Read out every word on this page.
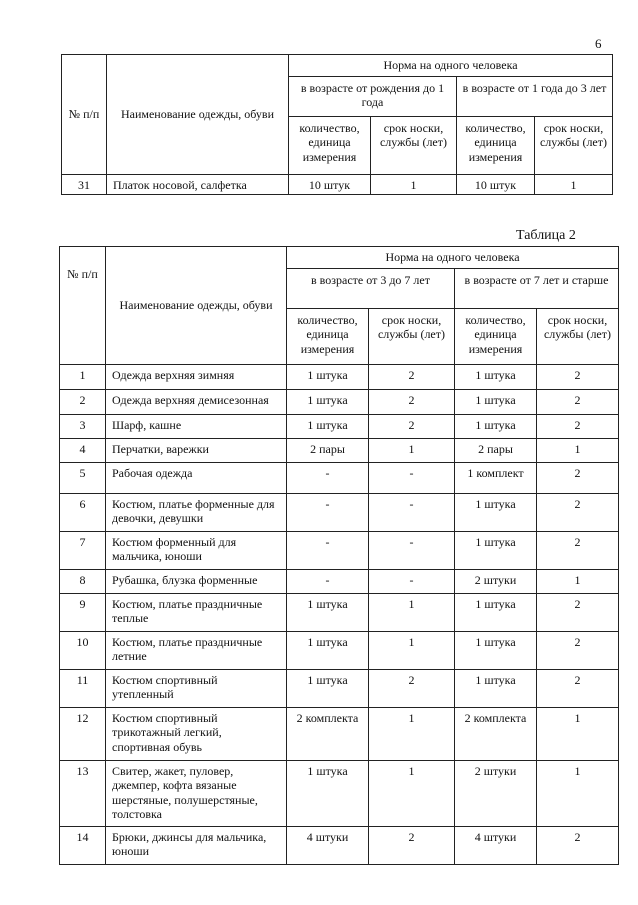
6
№ п/п	Наименование одежды, обуви	Норма на одного человека			
		в возрасте от рождения до 1 года		в возрасте от 1 года до 3 лет	
		количество, единица измерения	срок носки, службы (лет)	количество, единица измерения	срок носки, службы (лет)
31	Платок носовой, салфетка	10 штук	1	10 штук	1
Таблица 2
№ п/п	Наименование одежды, обуви	Норма на одного человека			
		в возрасте от 3 до 7 лет		в возрасте от 7 лет и старше	
		количество, единица измерения	срок носки, службы (лет)	количество, единица измерения	срок носки, службы (лет)
1	Одежда верхняя зимняя	1 штука	2	1 штука	2
2	Одежда верхняя демисезонная	1 штука	2	1 штука	2
3	Шарф, кашне	1 штука	2	1 штука	2
4	Перчатки, варежки	2 пары	1	2 пары	1
5	Рабочая одежда	-	-	1 комплект	2
6	Костюм, платье форменные для девочки, девушки	-	-	1 штука	2
7	Костюм форменный для мальчика, юноши	-	-	1 штука	2
8	Рубашка, блузка форменные	-	-	2 штуки	1
9	Костюм, платье праздничные теплые	1 штука	1	1 штука	2
10	Костюм, платье праздничные летние	1 штука	1	1 штука	2
11	Костюм спортивный утепленный	1 штука	2	1 штука	2
12	Костюм спортивный трикотажный легкий, спортивная обувь	2 комплекта	1	2 комплекта	1
13	Свитер, жакет, пуловер, джемпер, кофта вязаные шерстяные, полушерстяные, толстовка	1 штука	1	2 штуки	1
14	Брюки, джинсы для мальчика, юноши	4 штуки	2	4 штуки	2
